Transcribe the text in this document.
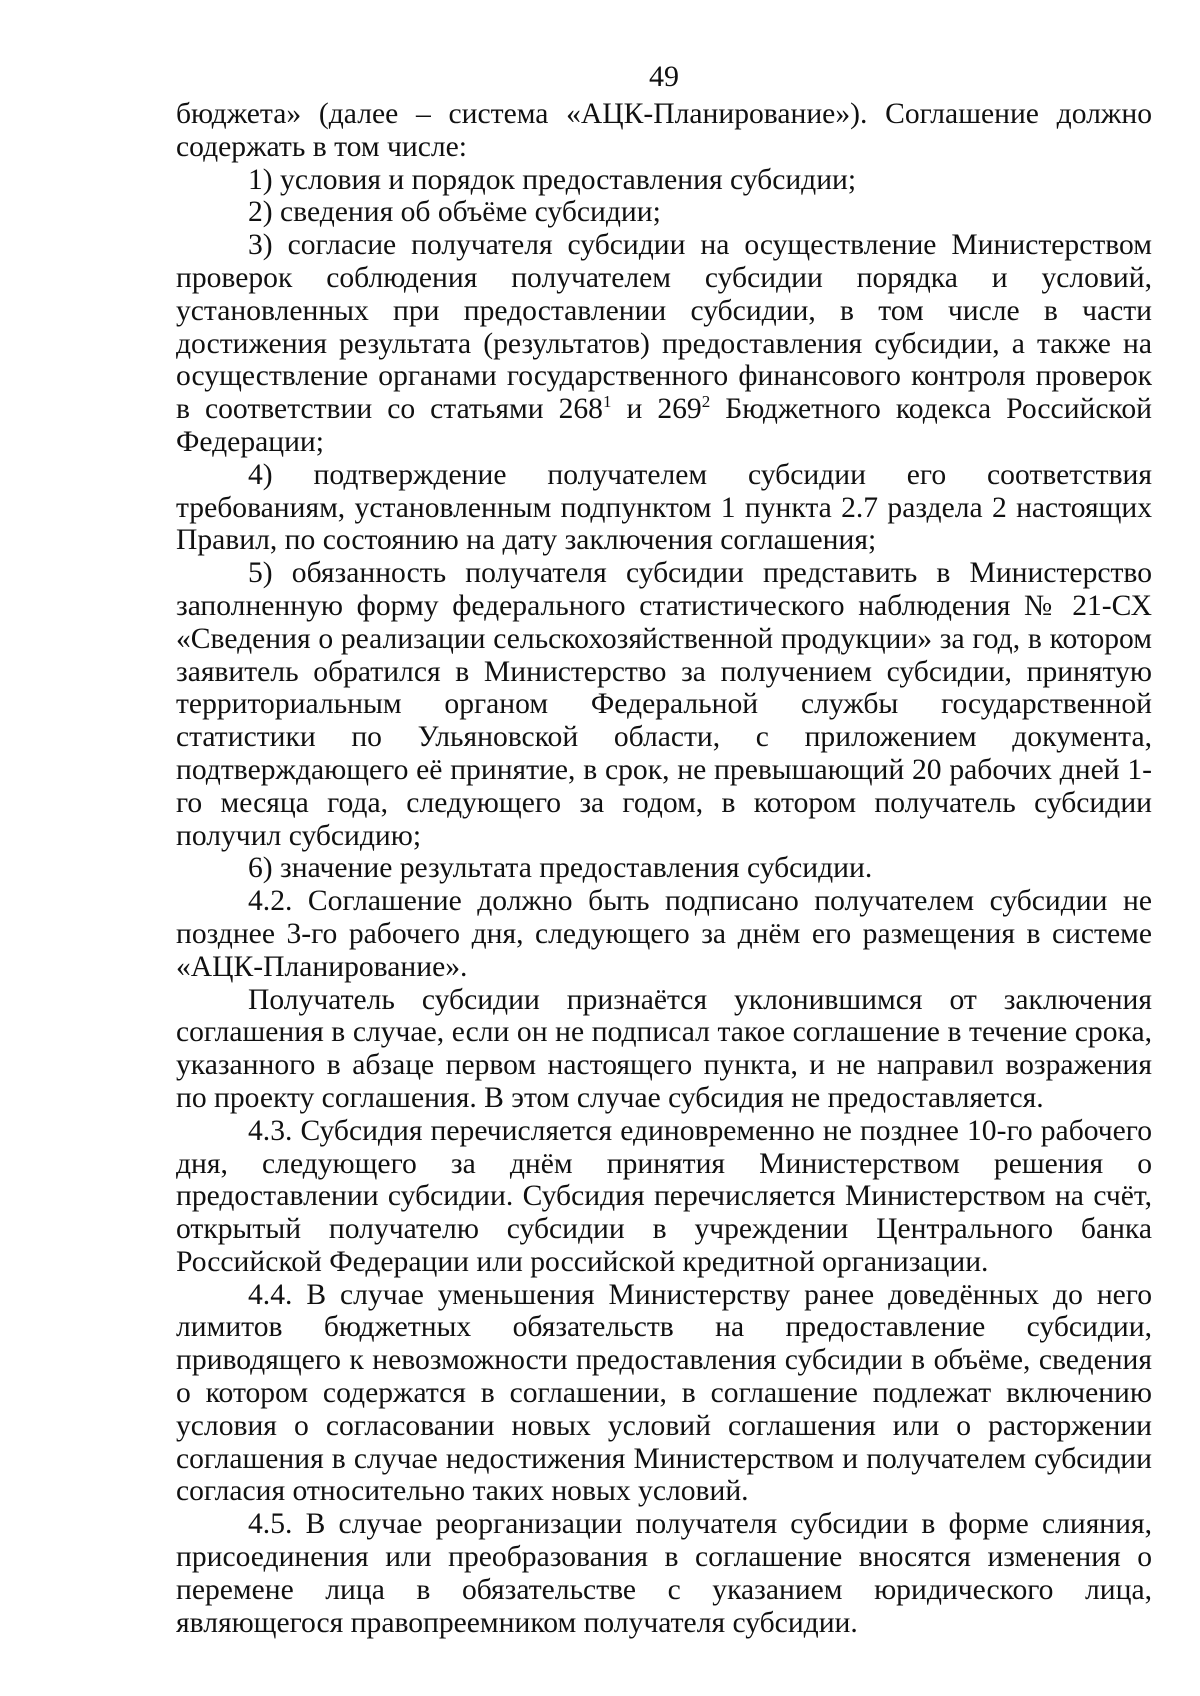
49
бюджета» (далее – система «АЦК-Планирование»). Соглашение должно содержать в том числе:
1) условия и порядок предоставления субсидии;
2) сведения об объёме субсидии;
3) согласие получателя субсидии на осуществление Министерством проверок соблюдения получателем субсидии порядка и условий, установленных при предоставлении субсидии, в том числе в части достижения результата (результатов) предоставления субсидии, а также на осуществление органами государственного финансового контроля проверок в соответствии со статьями $268^1$ и $269^2$ Бюджетного кодекса Российской Федерации;
4) подтверждение получателем субсидии его соответствия требованиям, установленным подпунктом 1 пункта 2.7 раздела 2 настоящих Правил, по состоянию на дату заключения соглашения;
5) обязанность получателя субсидии представить в Министерство заполненную форму федерального статистического наблюдения № 21-СХ «Сведения о реализации сельскохозяйственной продукции» за год, в котором заявитель обратился в Министерство за получением субсидии, принятую территориальным органом Федеральной службы государственной статистики по Ульяновской области, с приложением документа, подтверждающего её принятие, в срок, не превышающий 20 рабочих дней 1-го месяца года, следующего за годом, в котором получатель субсидии получил субсидию;
6) значение результата предоставления субсидии.
4.2. Соглашение должно быть подписано получателем субсидии не позднее 3-го рабочего дня, следующего за днём его размещения в системе «АЦК-Планирование».
Получатель субсидии признаётся уклонившимся от заключения соглашения в случае, если он не подписал такое соглашение в течение срока, указанного в абзаце первом настоящего пункта, и не направил возражения по проекту соглашения. В этом случае субсидия не предоставляется.
4.3. Субсидия перечисляется единовременно не позднее 10-го рабочего дня, следующего за днём принятия Министерством решения о предоставлении субсидии. Субсидия перечисляется Министерством на счёт, открытый получателю субсидии в учреждении Центрального банка Российской Федерации или российской кредитной организации.
4.4. В случае уменьшения Министерству ранее доведённых до него лимитов бюджетных обязательств на предоставление субсидии, приводящего к невозможности предоставления субсидии в объёме, сведения о котором содержатся в соглашении, в соглашение подлежат включению условия о согласовании новых условий соглашения или о расторжении соглашения в случае недостижения Министерством и получателем субсидии согласия относительно таких новых условий.
4.5. В случае реорганизации получателя субсидии в форме слияния, присоединения или преобразования в соглашение вносятся изменения о перемене лица в обязательстве с указанием юридического лица, являющегося правопреемником получателя субсидии.
